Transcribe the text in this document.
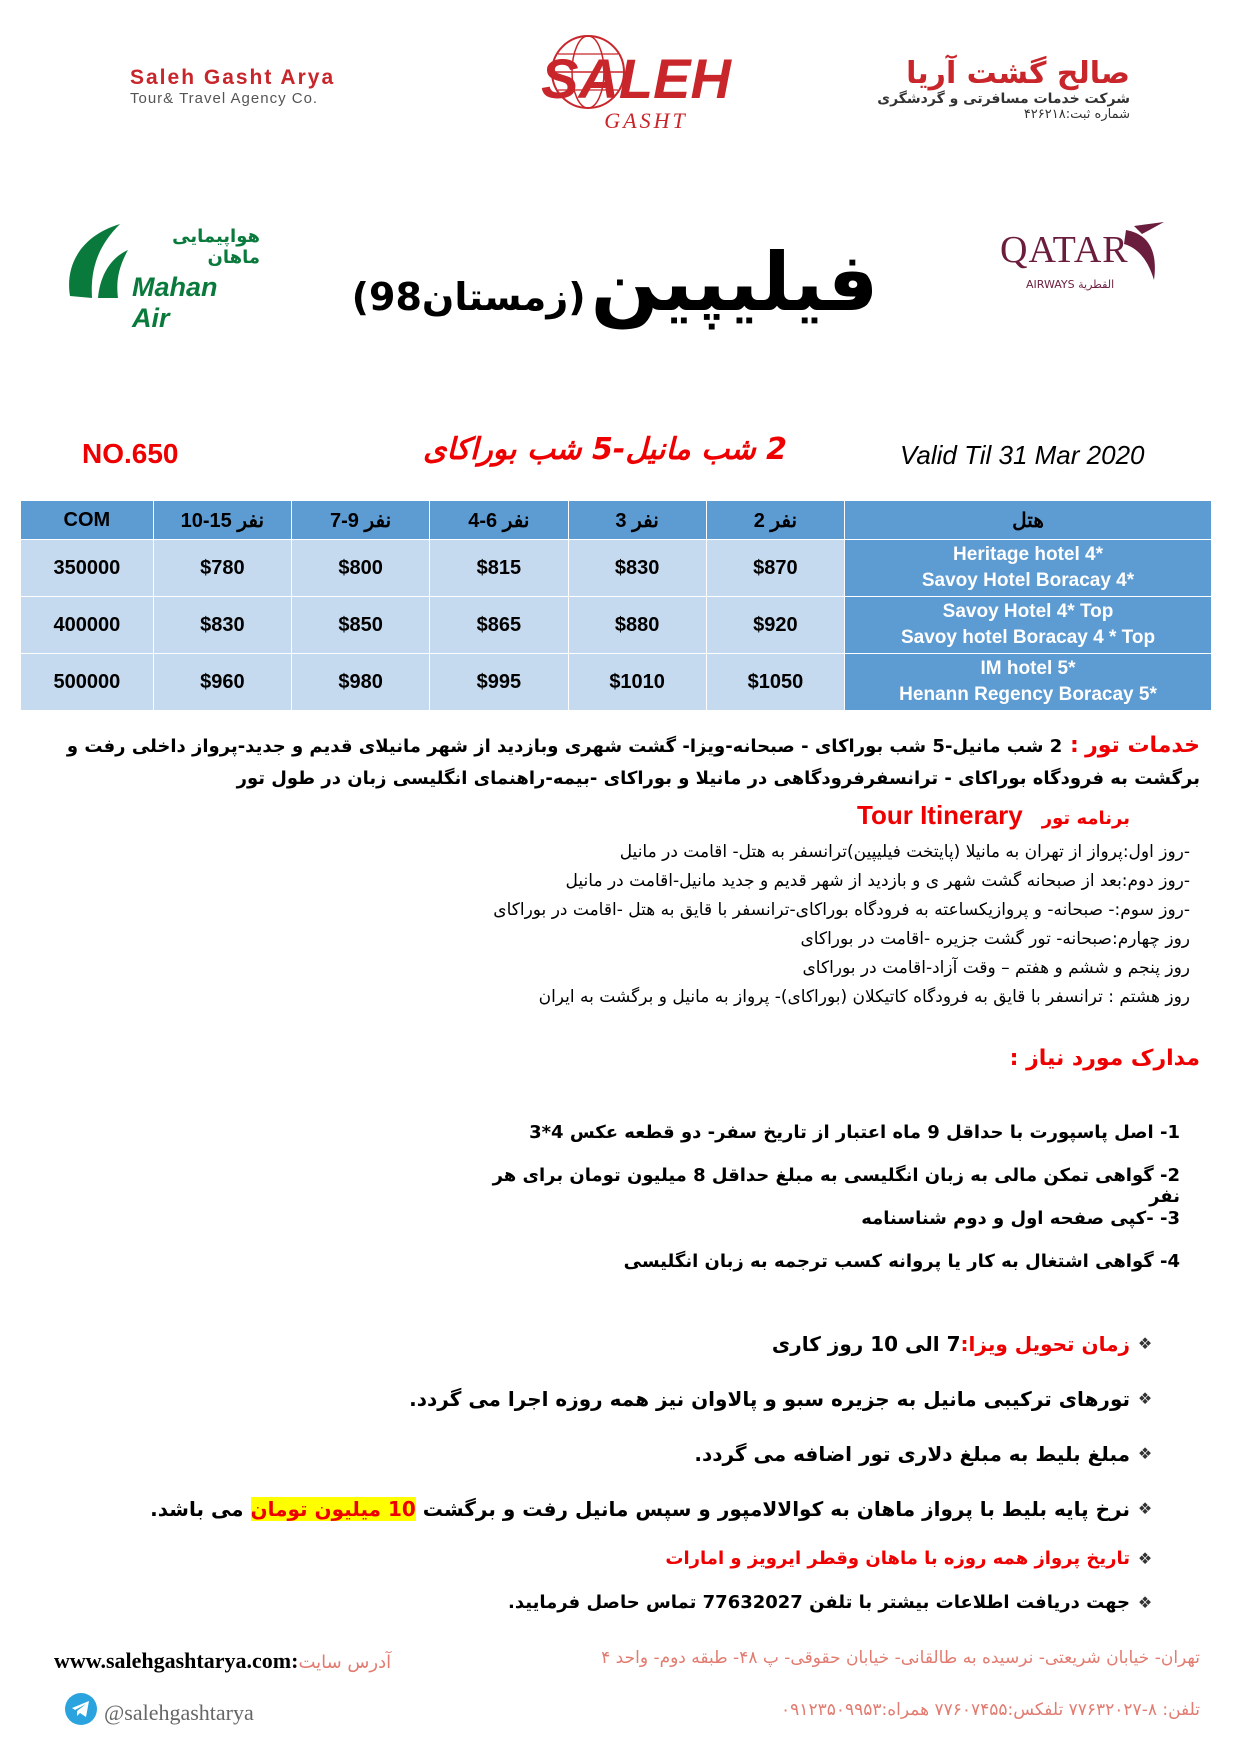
Saleh Gasht Arya
Tour& Travel Agency Co.	SALEH
GASHT
صالح گشت آریا
شرکت خدمات مسافرتی و گردشگری
شماره ثبت:۴۲۶۲۱۸
هواپیمایی ماهان
Mahan Air
QATAR
AIRWAYS القطرية
فیلیپین (زمستان98)
NO.650	2 شب مانیل-5 شب بوراکای	Valid Til 31 Mar 2020
COM	10-15 نفر	7-9 نفر	4-6 نفر	3 نفر	2 نفر	هتل
350000	$780	$800	$815	$830	$870	Heritage hotel 4*
Savoy Hotel Boracay 4*

400000	$830	$850	$865	$880	$920	Savoy Hotel 4* Top
Savoy hotel Boracay 4 * Top

500000	$960	$980	$995	$1010	$1050	IM hotel 5*
Henann Regency Boracay 5*
خدمات تور : 2 شب مانیل-5 شب بوراکای - صبحانه-ویزا- گشت شهری وبازدید از شهر مانیلای قدیم و جدید-پرواز داخلی رفت و برگشت به فرودگاه بوراکای - ترانسفرفرودگاهی در مانیلا و بوراکای -بیمه-راهنمای انگلیسی زبان در طول تور
برنامه تور Tour Itinerary
-روز اول:پرواز از تهران به مانیلا (پایتخت فیلیپین)ترانسفر به هتل- اقامت در مانیل
-روز دوم:بعد از صبحانه گشت شهر ی و بازدید از شهر قدیم و جدید مانیل-اقامت در مانیل
-روز سوم:- صبحانه- و پروازیکساعته به فرودگاه بوراکای-ترانسفر با قایق به هتل -اقامت در بوراکای
روز چهارم:صبحانه- تور گشت جزیره -اقامت در بوراکای
روز پنجم و ششم و هفتم – وقت آزاد-اقامت در بوراکای
روز هشتم : ترانسفر با قایق به فرودگاه کاتیکلان (بوراکای)- پرواز به مانیل و برگشت به ایران
مدارک مورد نیاز :
1- اصل پاسپورت با حداقل 9 ماه اعتبار از تاریخ سفر- دو قطعه عکس 4*3
2- گواهی تمکن مالی به زبان انگلیسی به مبلغ حداقل 8 میلیون تومان برای هر نفر
3- -کپی صفحه اول و دوم شناسنامه
4- گواهی اشتغال به کار یا پروانه کسب ترجمه به زبان انگلیسی
❖
زمان تحویل ویزا:
7 الی 10 روز کاری
❖
تورهای ترکیبی مانیل به جزیره سبو و پالاوان نیز همه روزه اجرا می گردد.
❖
مبلغ بلیط به مبلغ دلاری تور اضافه می گردد.
❖
نرخ پایه بلیط با پرواز ماهان به کوالالامپور و سپس مانیل رفت و برگشت

10 میلیون تومان

می باشد.
❖
تاریخ پرواز همه روزه با ماهان وقطر ایرویز و امارات
❖
جهت دریافت اطلاعات بیشتر با تلفن 77632027 تماس حاصل فرمایید.
www.salehgashtarya.com:آدرس سایت	تهران- خیابان شریعتی- نرسیده به طالقانی- خیابان حقوقی- پ ۴۸- طبقه دوم- واحد ۴
@salehgashtarya	تلفن: ۸-۷۷۶۳۲۰۲۷ تلفکس:۷۷۶۰۷۴۵۵ همراه:۰۹۱۲۳۵۰۹۹۵۳
